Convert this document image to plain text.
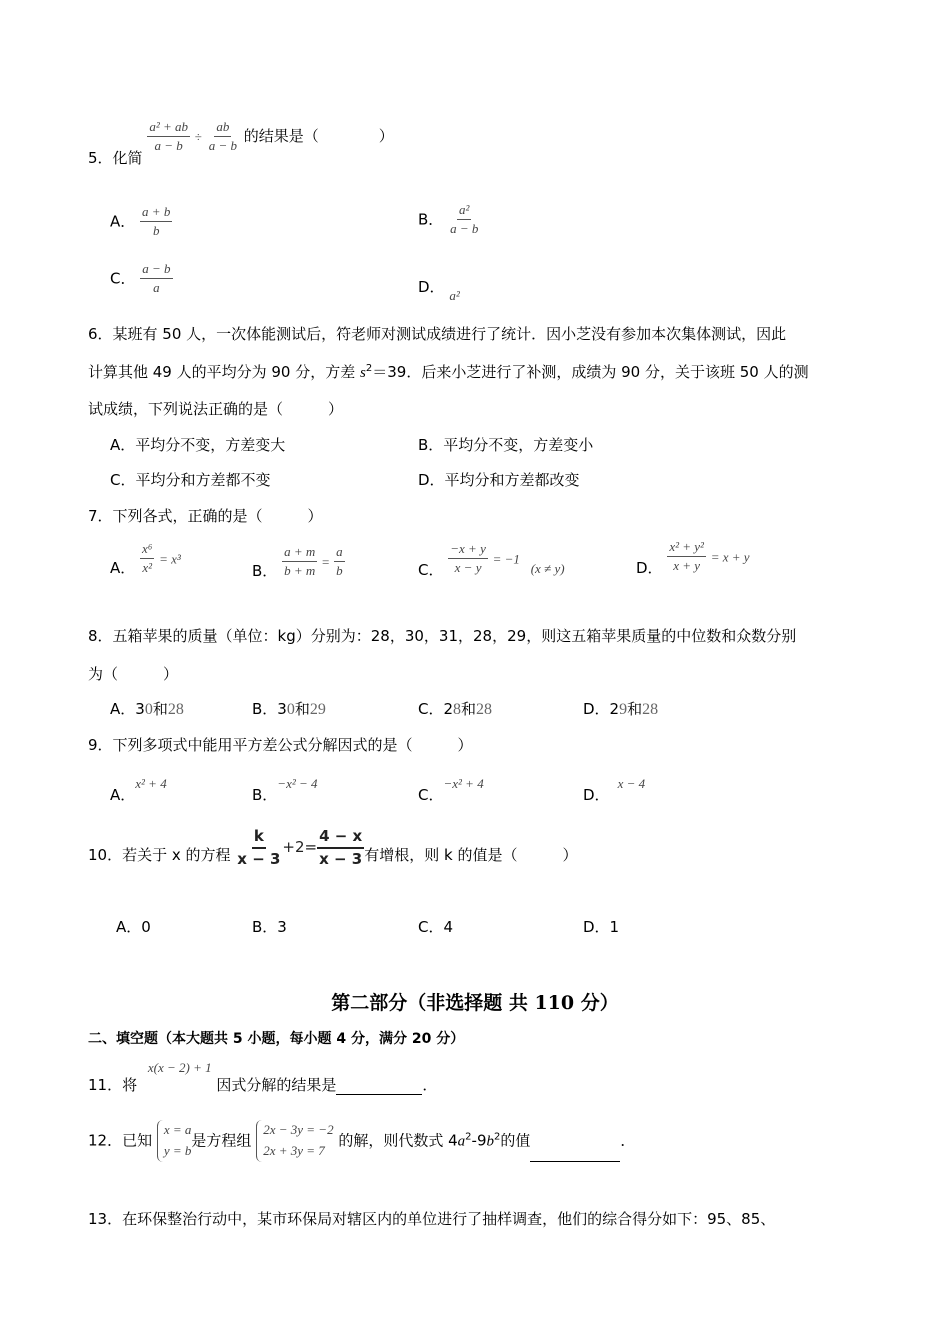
5．化简
$\frac{\text{a² + ab}}{a - b} \div \frac{ab}{a - b}$ 的结果是（　　　　）
A． $\frac{a + b}{b}$	B． $\frac{\text{a²}}{a - b}$
C． $\frac{a - b}{a}$	D． a²
6．某班有 50 人，一次体能测试后，符老师对测试成绩进行了统计．因小芝没有参加本次集体测试，因此
计算其他 49 人的平均分为 90 分，方差 $s^2=39$．后来小芝进行了补测，成绩为 90 分，关于该班 50 人的测
试成绩，下列说法正确的是（　　　）
A．平均分不变，方差变大	B．平均分不变，方差变小
C．平均分和方差都不变	D．平均分和方差都改变
7．下列各式，正确的是（　　　）
A． $\frac{\text{x⁶}}{\text{x²}} = x^3$
B． $\frac{a + m}{b + m} = \frac{a}{b}$	C． $\frac{-x + y}{x - y} = -1$ (x ≠ y)	D． $\frac{\text{x² + y²}}{x + y} = x + y$
8．五箱苹果的质量（单位：kg）分别为：28，30，31，28，29，则这五箱苹果质量的中位数和众数分别
为（　　　）
A．30和28	B．30和29	C．28和28	D．29和28
9．下列多项式中能用平方差公式分解因式的是（　　　）
A．x² + 4
B．−x² − 4
C．−x² + 4
D．x − 4
10．若关于 x 的方程 $\frac{k}{x - 3} +2= \frac{4 - x}{x - 3}$ 有增根，则 k 的值是（　　　）
A．0	B．3	C．4	D．1
第二部分（非选择题 共 110 分）
二、填空题（本大题共 5 小题，每小题 4 分，满分 20 分）
11．将 x(x − 2) + 1 因式分解的结果是	．
12．已知 x = a
y = b是方程组 2x − 3y = −2
2x + 3y = 7 的解，则代数式 $4a^2-9b^2$的值	．
13．在环保整治行动中，某市环保局对辖区内的单位进行了抽样调查，他们的综合得分如下：95、85、
